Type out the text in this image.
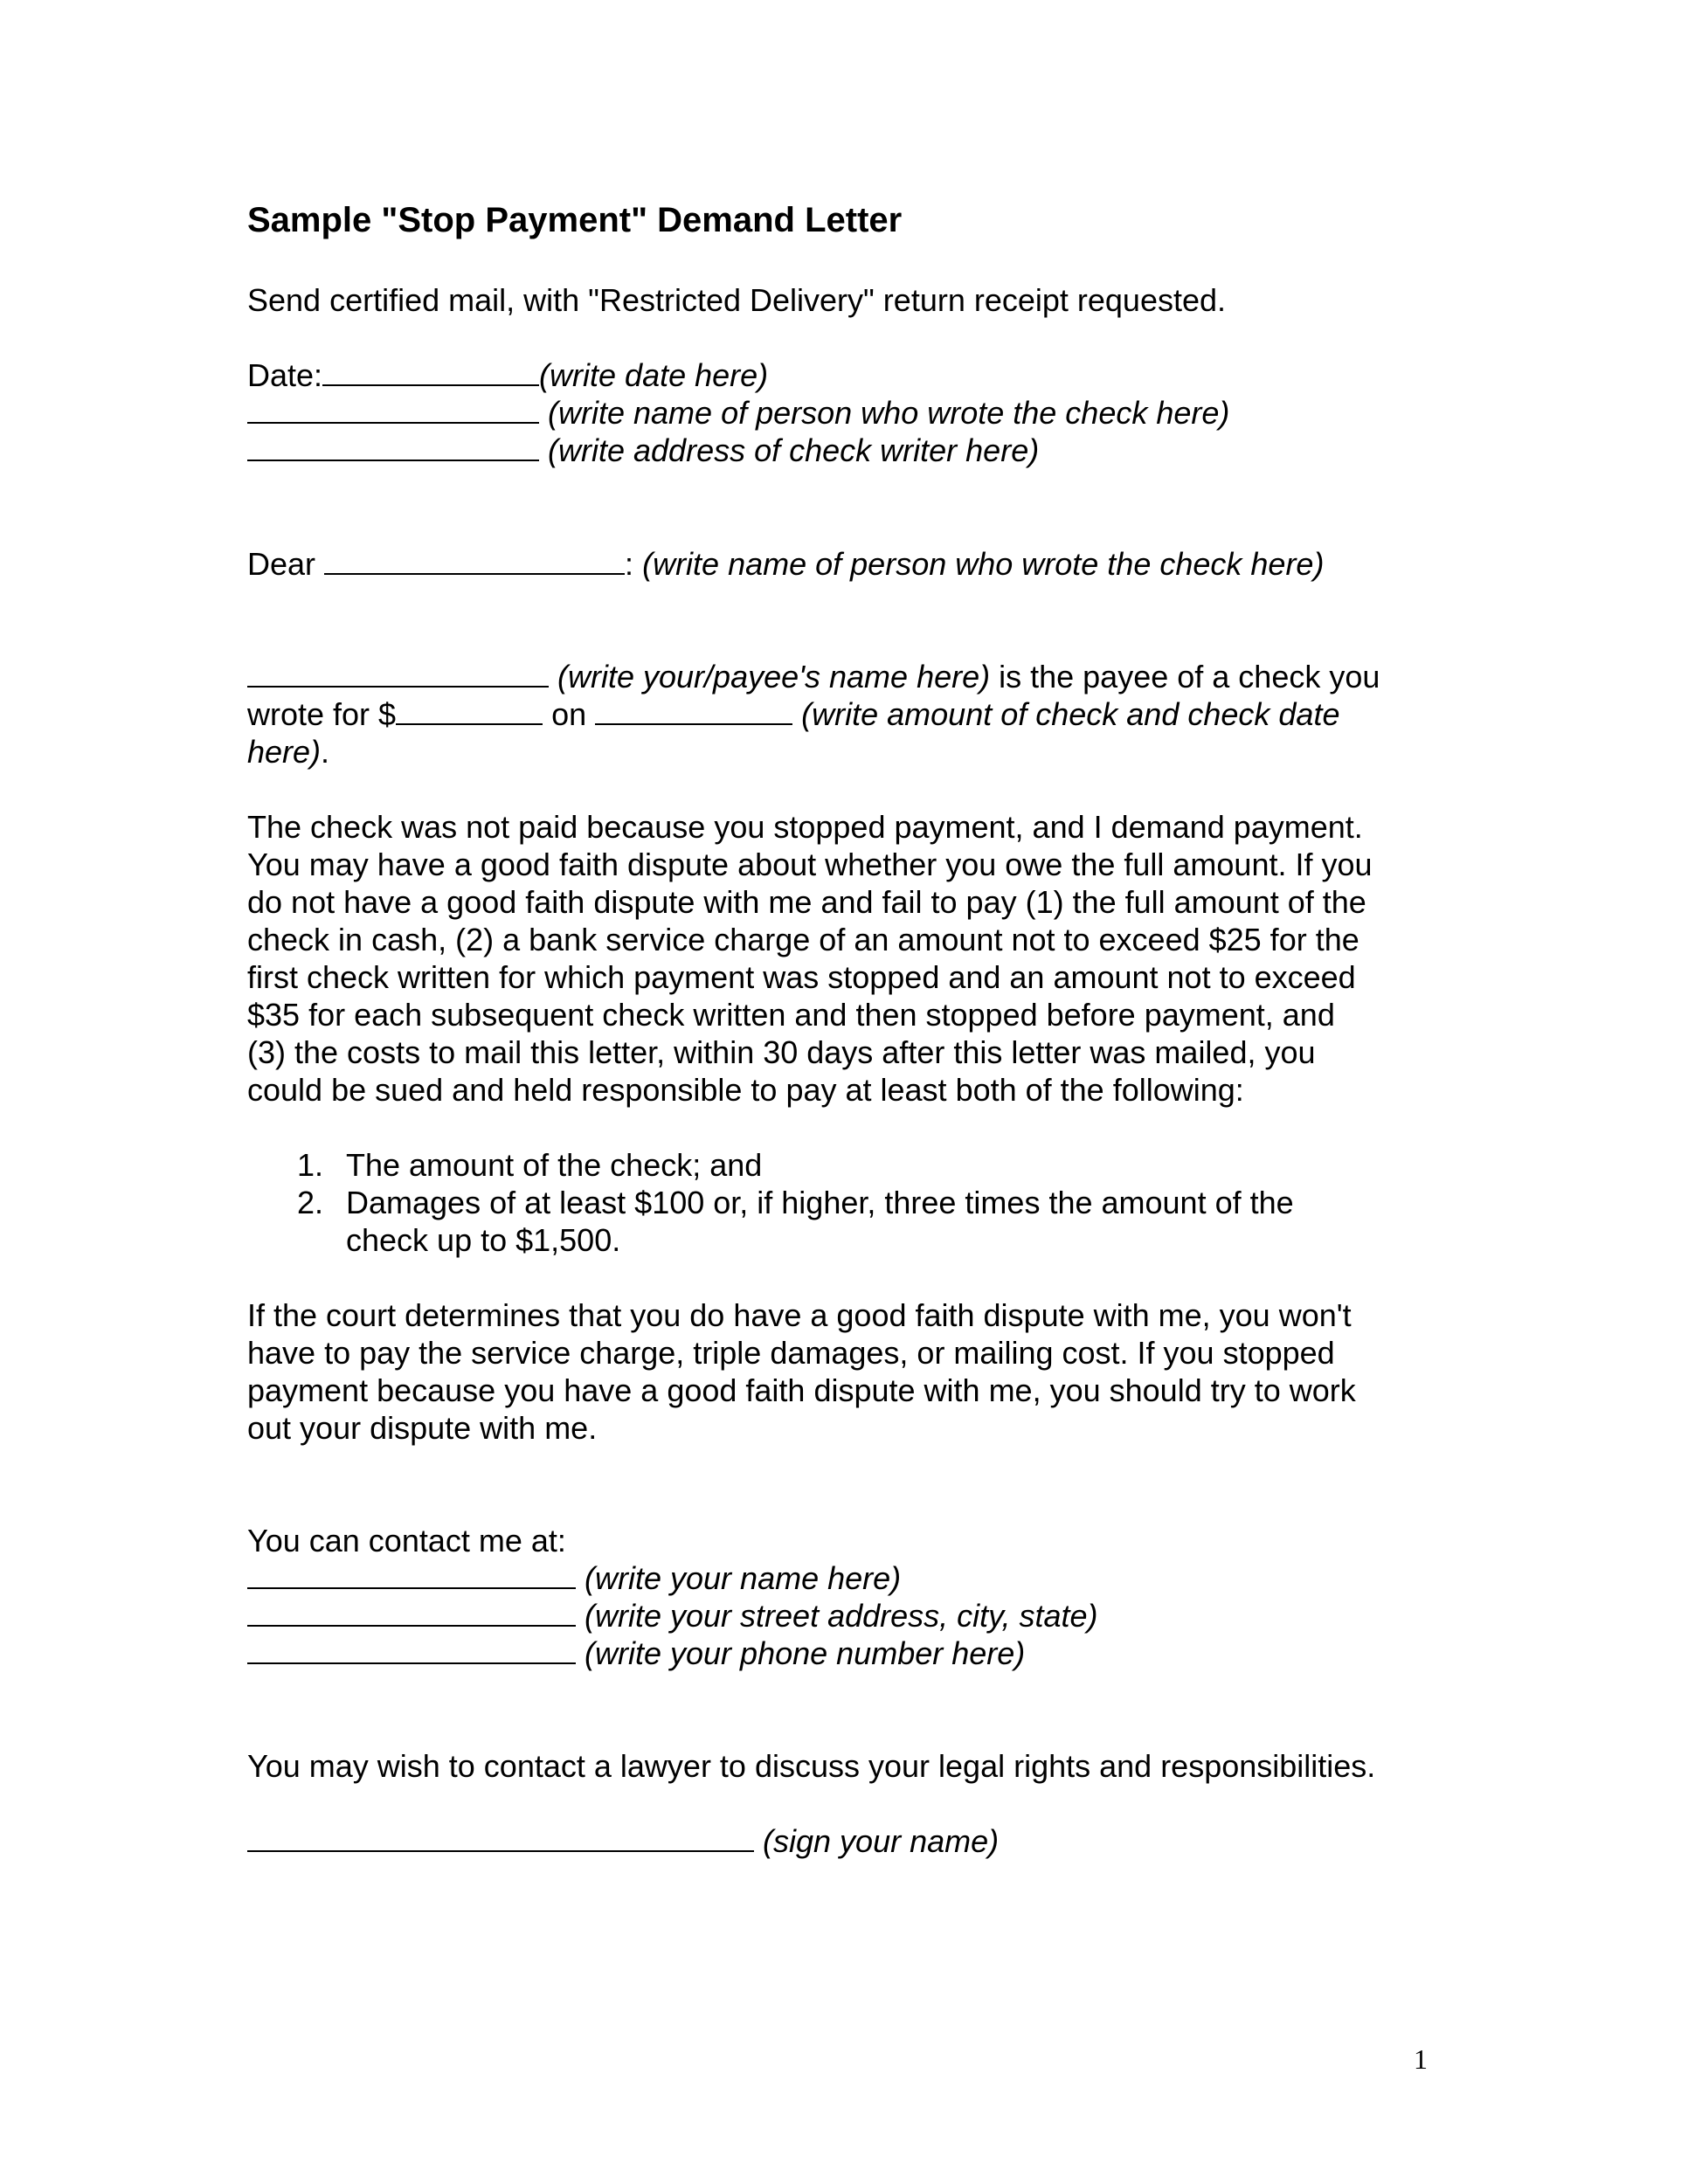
Sample "Stop Payment" Demand Letter
Send certified mail, with "Restricted Delivery" return receipt requested.
Date:	(write date here)
(write name of person who wrote the check here)
(write address of check writer here)
Dear	: (write name of person who wrote the check here)
(write your/payee's name here) is the payee of a check you
wrote for $	on	(write amount of check and check date
here).
The check was not paid because you stopped payment, and I demand payment.
You may have a good faith dispute about whether you owe the full amount. If you
do not have a good faith dispute with me and fail to pay (1) the full amount of the
check in cash, (2) a bank service charge of an amount not to exceed $25 for the
first check written for which payment was stopped and an amount not to exceed
$35 for each subsequent check written and then stopped before payment, and
(3) the costs to mail this letter, within 30 days after this letter was mailed, you
could be sued and held responsible to pay at least both of the following:
1. The amount of the check; and
2. Damages of at least $100 or, if higher, three times the amount of the
check up to $1,500.
If the court determines that you do have a good faith dispute with me, you won't
have to pay the service charge, triple damages, or mailing cost. If you stopped
payment because you have a good faith dispute with me, you should try to work
out your dispute with me.
You can contact me at:
(write your name here)
(write your street address, city, state)
(write your phone number here)
You may wish to contact a lawyer to discuss your legal rights and responsibilities.
(sign your name)
1
